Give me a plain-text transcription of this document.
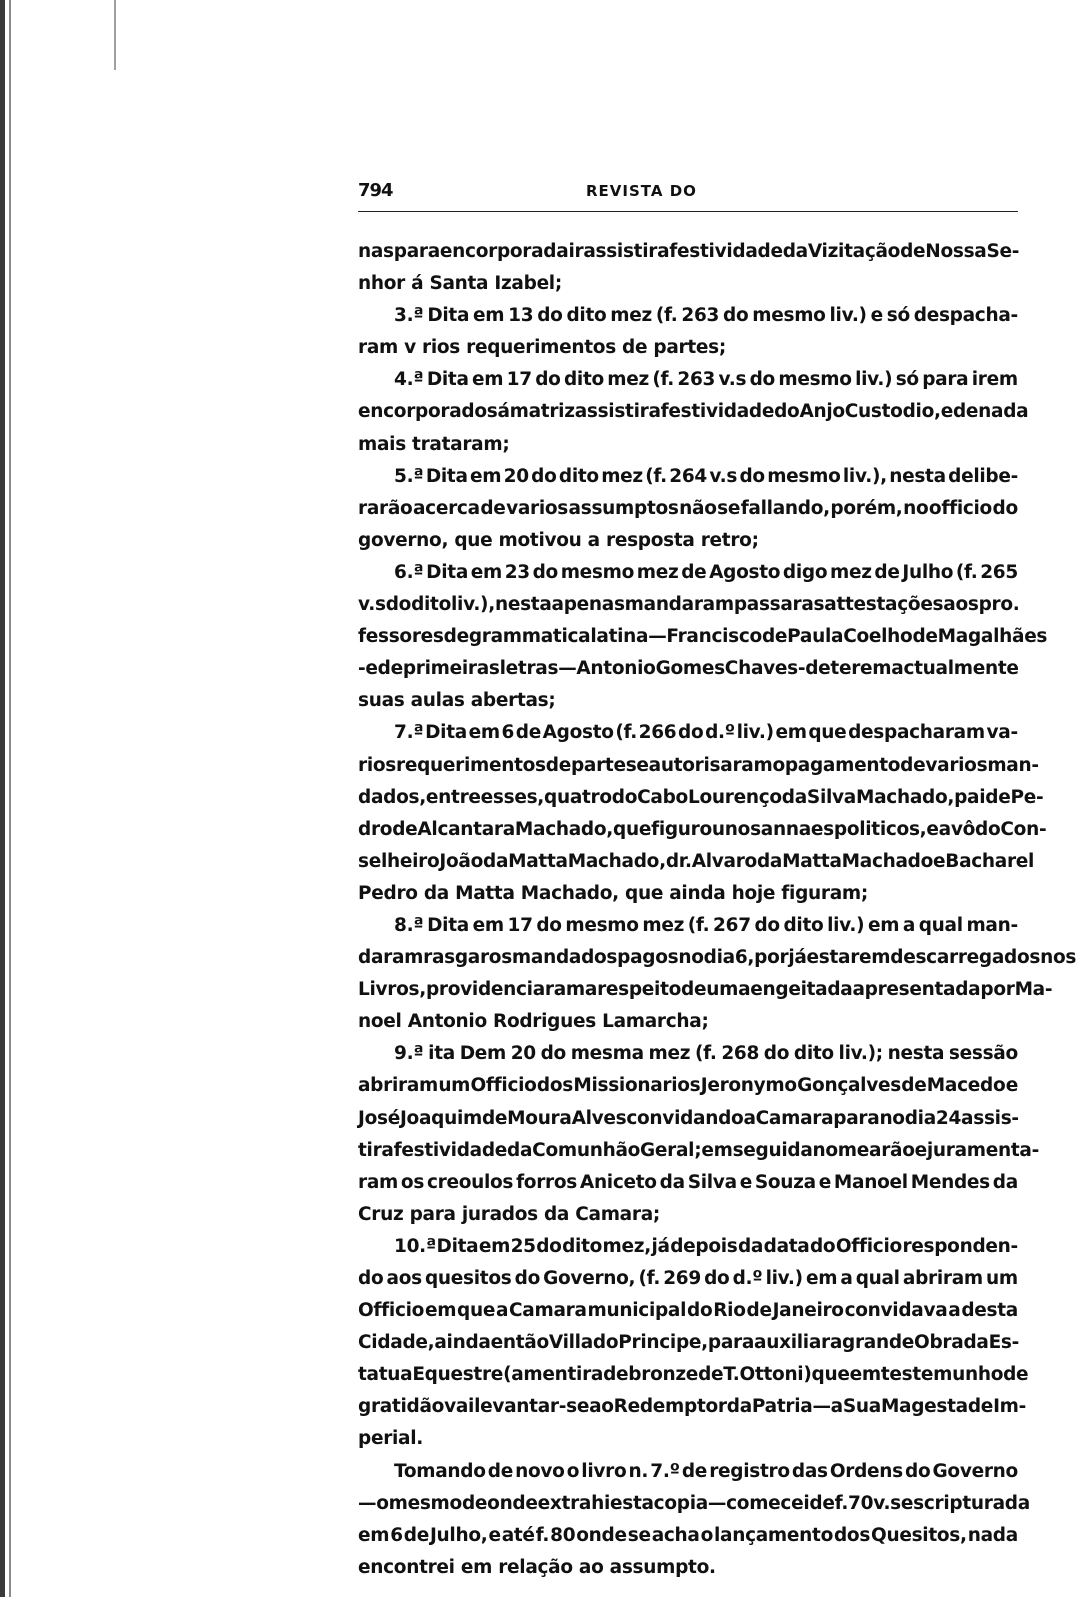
794	REVISTA DO
nas para encorporada ir assistir a festividade da Vizitação de Nossa Se-
nhor á Santa Izabel;
3.ª Dita em 13 do dito mez (f. 263 do mesmo liv.) e só despacha-
ram v rios requerimentos de partes;
4.ª Dita em 17 do dito mez (f. 263 v.s do mesmo liv.) só para irem
encorporados á matriz assistir a festividade do Anjo Custodio, e de nada
mais trataram;
5.ª Dita em 20 do dito mez (f. 264 v.s do mesmo liv.), nesta delibe-
rarão acerca de varios assumptos não se fallando, porém, no officio do
governo, que motivou a resposta retro;
6.ª Dita em 23 do mesmo mez de Agosto digo mez de Julho (f. 265
v.s do dito liv.), nesta apenas mandaram passar as attestações aos pro.
fessores de grammatica latina—Francisco de Paula Coelho de Magalhães
- e de primeiras letras—Antonio Gomes Chaves-de terem actualmente
suas aulas abertas;
7.ª Dita em 6 de Agosto (f. 266 do d.º liv.) em que despacharam va-
rios requerimentos de partes e autorisaram o pagamento de varios man-
dados, entre esses, quatro do Cabo Lourenço da Silva Machado, pai de Pe-
dro de Alcantara Machado, que figurou nos annaes politicos, e avô do Con-
selheiro João da Matta Machado, dr. Alvaro da Matta Machado e Bacharel
Pedro da Matta Machado, que ainda hoje figuram;
8.ª Dita em 17 do mesmo mez (f. 267 do dito liv.) em a qual man-
daram rasgar os mandados pagos no dia 6, por já estarem descarregados nos
Livros, providenciaram a respeito de uma engeitada apresentada por Ma-
noel Antonio Rodrigues Lamarcha;
9.ª ita Dem 20 do mesma mez (f. 268 do dito liv.); nesta sessão
abriram um Officio dos Missionarios Jeronymo Gonçalves de Macedo e
José Joaquim de Moura Alves convidando a Camara para no dia 24 assis-
tir a festividade da Comunhão Geral; em seguida nomearão e juramenta-
ram os creoulos forros Aniceto da Silva e Souza e Manoel Mendes da
Cruz para jurados da Camara;
10.ª Dita em 25 do dito mez, já depois da data do Officio responden-
do aos quesitos do Governo, (f. 269 do d.º liv.) em a qual abriram um
Officio em que a Camara municipal do Rio de Janeiro convidava a desta
Cidade, ainda então Villa do Principe, para auxiliar a grande Obra da Es-
tatua Equestre (a mentira de bronze de T. Ottoni) que em testemunho de
gratidão vai levantar-se ao Redemptor da Patria—a Sua Magestade Im-
perial.
Tomando de novo o livro n. 7.º de registro das Ordens do Governo
—o mesmo de onde extrahi esta copia—comecei de f. 70 v.s escripturada
em 6 de Julho, e até f. 80 onde se acha o lançamento dos Quesitos, nada
encontrei em relação ao assumpto.
